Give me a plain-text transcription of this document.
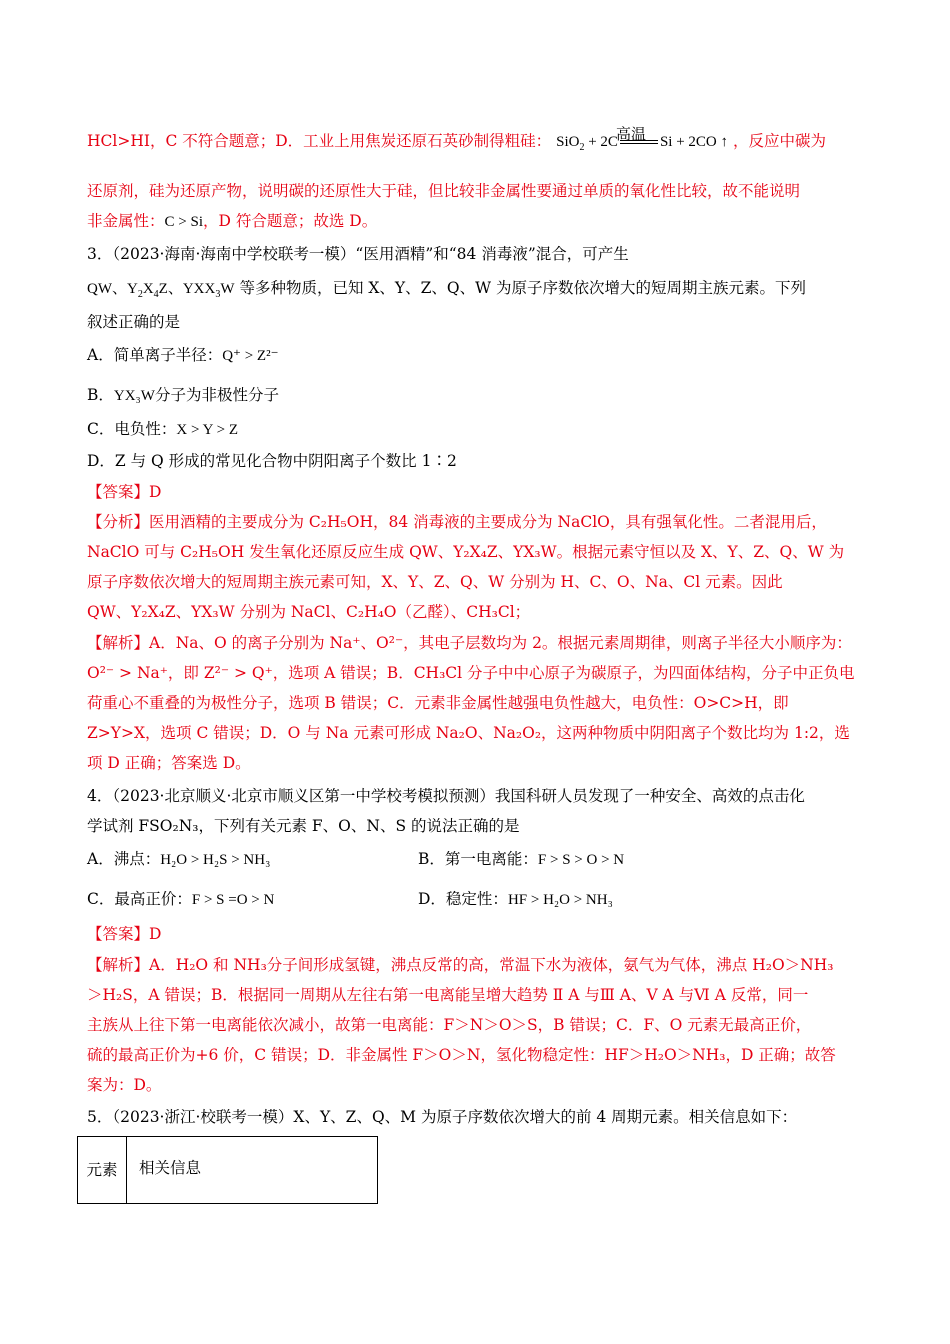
HCl>HI，C 不符合题意；D．工业上用焦炭还原石英砂制得粗硅： SiO$_2$ + 2C
高温 Si + 2CO ↑ ，反应中碳为
还原剂，硅为还原产物，说明碳的还原性大于硅，但比较非金属性要通过单质的氧化性比较，故不能说明
非金属性：C > Si，D 符合题意；故选 D。
3．（2023·海南·海南中学校联考一模）“医用酒精”和“84 消毒液”混合，可产生
QW、$Y_2X_4Z$、$YXX_3W$ 等多种物质，已知 X、Y、Z、Q、W 为原子序数依次增大的短周期主族元素。下列
叙述正确的是
A．简单离子半径：Q⁺ > Z²⁻
B．YX₃W分子为非极性分子
C．电负性：X > Y > Z
D．Z 与 Q 形成的常见化合物中阴阳离子个数比 1∶2
【答案】D
【分析】医用酒精的主要成分为 C₂H₅OH，84 消毒液的主要成分为 NaClO，具有强氧化性。二者混用后，
NaClO 可与 C₂H₅OH 发生氧化还原反应生成 QW、Y₂X₄Z、YX₃W。根据元素守恒以及 X、Y、Z、Q、W 为
原子序数依次增大的短周期主族元素可知，X、Y、Z、Q、W 分别为 H、C、O、Na、Cl 元素。因此
QW、Y₂X₄Z、YX₃W 分别为 NaCl、C₂H₄O（乙醛）、CH₃Cl；
【解析】A．Na、O 的离子分别为 Na⁺、O²⁻，其电子层数均为 2。根据元素周期律，则离子半径大小顺序为：
O²⁻ > Na⁺，即 Z²⁻ > Q⁺，选项 A 错误；B．CH₃Cl 分子中中心原子为碳原子，为四面体结构，分子中正负电
荷重心不重叠的为极性分子，选项 B 错误；C．元素非金属性越强电负性越大，电负性：O>C>H，即
Z>Y>X，选项 C 错误；D．O 与 Na 元素可形成 Na₂O、Na₂O₂，这两种物质中阴阳离子个数比均为 1:2，选
项 D 正确；答案选 D。
4．（2023·北京顺义·北京市顺义区第一中学校考模拟预测）我国科研人员发现了一种安全、高效的点击化
学试剂 FSO₂N₃，下列有关元素 F、O、N、S 的说法正确的是
A．沸点：H₂O > H₂S > NH₃	B．第一电离能：F > S > O > N
C．最高正价：F > S =O > N	D．稳定性：HF > H₂O > NH₃
【答案】D
【解析】A．H₂O 和 NH₃分子间形成氢键，沸点反常的高，常温下水为液体，氨气为气体，沸点 H₂O＞NH₃
＞H₂S，A 错误；B．根据同一周期从左往右第一电离能呈增大趋势 Ⅱ A 与Ⅲ A、Ⅴ A 与Ⅵ A 反常，同一
主族从上往下第一电离能依次减小，故第一电离能：F＞N＞O＞S，B 错误；C．F、O 元素无最高正价，
硫的最高正价为+6 价，C 错误；D．非金属性 F＞O＞N，氢化物稳定性：HF＞H₂O＞NH₃，D 正确；故答
案为：D。
5．（2023·浙江·校联考一模）X、Y、Z、Q、M 为原子序数依次增大的前 4 周期元素。相关信息如下：
元素	相关信息
